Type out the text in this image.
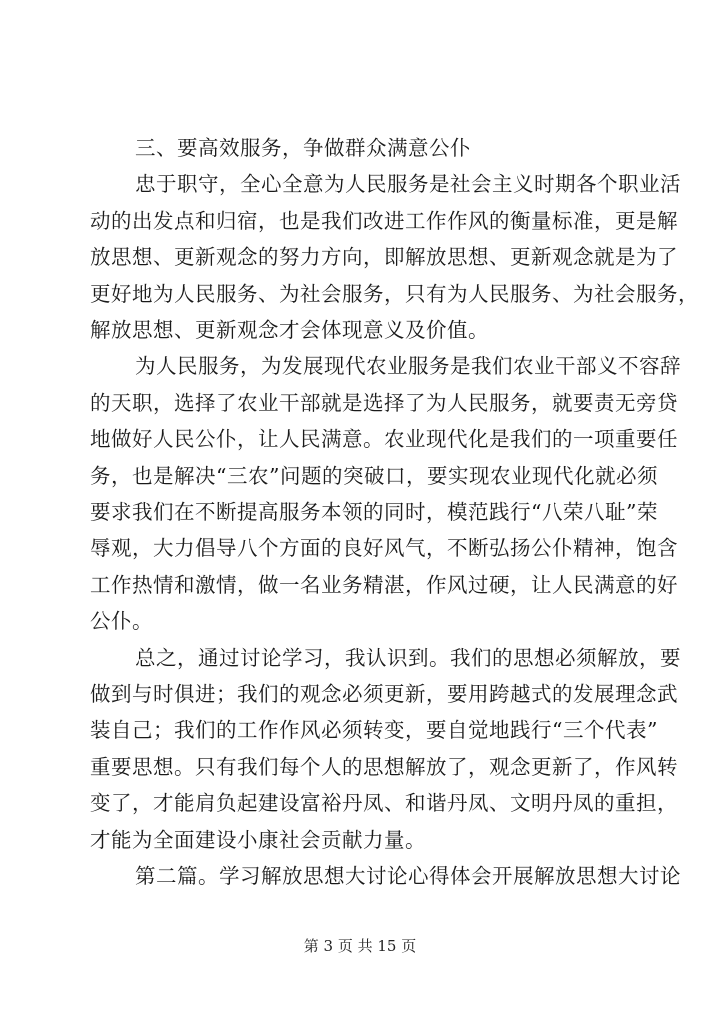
三、要高效服务，争做群众满意公仆
忠于职守，全心全意为人民服务是社会主义时期各个职业活
动的出发点和归宿，也是我们改进工作作风的衡量标准，更是解
放思想、更新观念的努力方向，即解放思想、更新观念就是为了
更好地为人民服务、为社会服务，只有为人民服务、为社会服务，
解放思想、更新观念才会体现意义及价值。
为人民服务，为发展现代农业服务是我们农业干部义不容辞
的天职，选择了农业干部就是选择了为人民服务，就要责无旁贷
地做好人民公仆，让人民满意。农业现代化是我们的一项重要任
务，也是解决“三农”问题的突破口，要实现农业现代化就必须
要求我们在不断提高服务本领的同时，模范践行“八荣八耻”荣
辱观，大力倡导八个方面的良好风气，不断弘扬公仆精神，饱含
工作热情和激情，做一名业务精湛，作风过硬，让人民满意的好
公仆。
总之，通过讨论学习，我认识到。我们的思想必须解放，要
做到与时俱进；我们的观念必须更新，要用跨越式的发展理念武
装自己；我们的工作作风必须转变，要自觉地践行“三个代表”
重要思想。只有我们每个人的思想解放了，观念更新了，作风转
变了，才能肩负起建设富裕丹凤、和谐丹凤、文明丹凤的重担，
才能为全面建设小康社会贡献力量。
第 3 页 共 15 页
第二篇。学习解放思想大讨论心得体会开展解放思想大讨论
